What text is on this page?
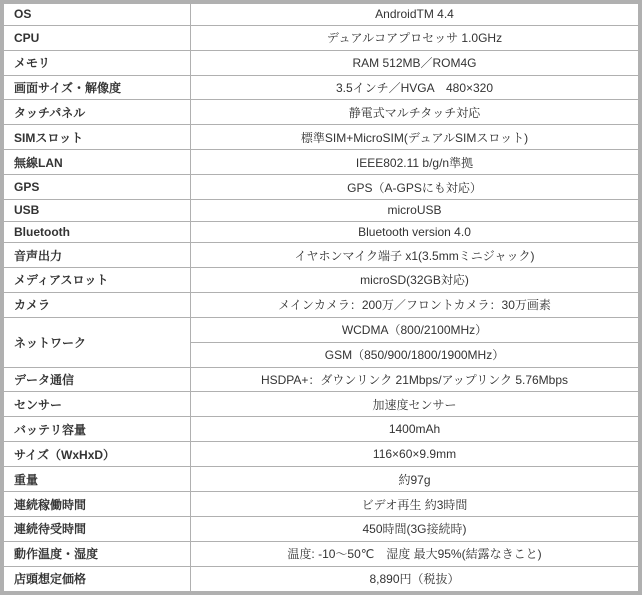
OS	AndroidTM 4.4
CPU	デュアルコアプロセッサ 1.0GHz
メモリ	RAM 512MB／ROM4G
画面サイズ・解像度	3.5インチ／HVGA　480×320
タッチパネル	静電式マルチタッチ対応
SIMスロット	標準SIM+MicroSIM(デュアルSIMスロット)
無線LAN	IEEE802.11 b/g/n準拠
GPS	GPS（A-GPSにも対応）
USB	microUSB
Bluetooth	Bluetooth version 4.0
音声出力	イヤホンマイク端子 x1(3.5mmミニジャック)
メディアスロット	microSD(32GB対応)
カメラ	メインカメラ：200万／フロントカメラ：30万画素
ネットワーク	WCDMA（800/2100MHz）
	GSM（850/900/1800/1900MHz）
データ通信	HSDPA+：ダウンリンク 21Mbps/アップリンク 5.76Mbps
センサー	加速度センサー
バッテリ容量	1400mAh
サイズ（WxHxD）	116×60×9.9mm
重量	約97g
連続稼働時間	ビデオ再生 約3時間
連続待受時間	450時間(3G接続時)
動作温度・湿度	温度: -10～50℃　湿度 最大95%(結露なきこと)
店頭想定価格	8,890円（税抜）
